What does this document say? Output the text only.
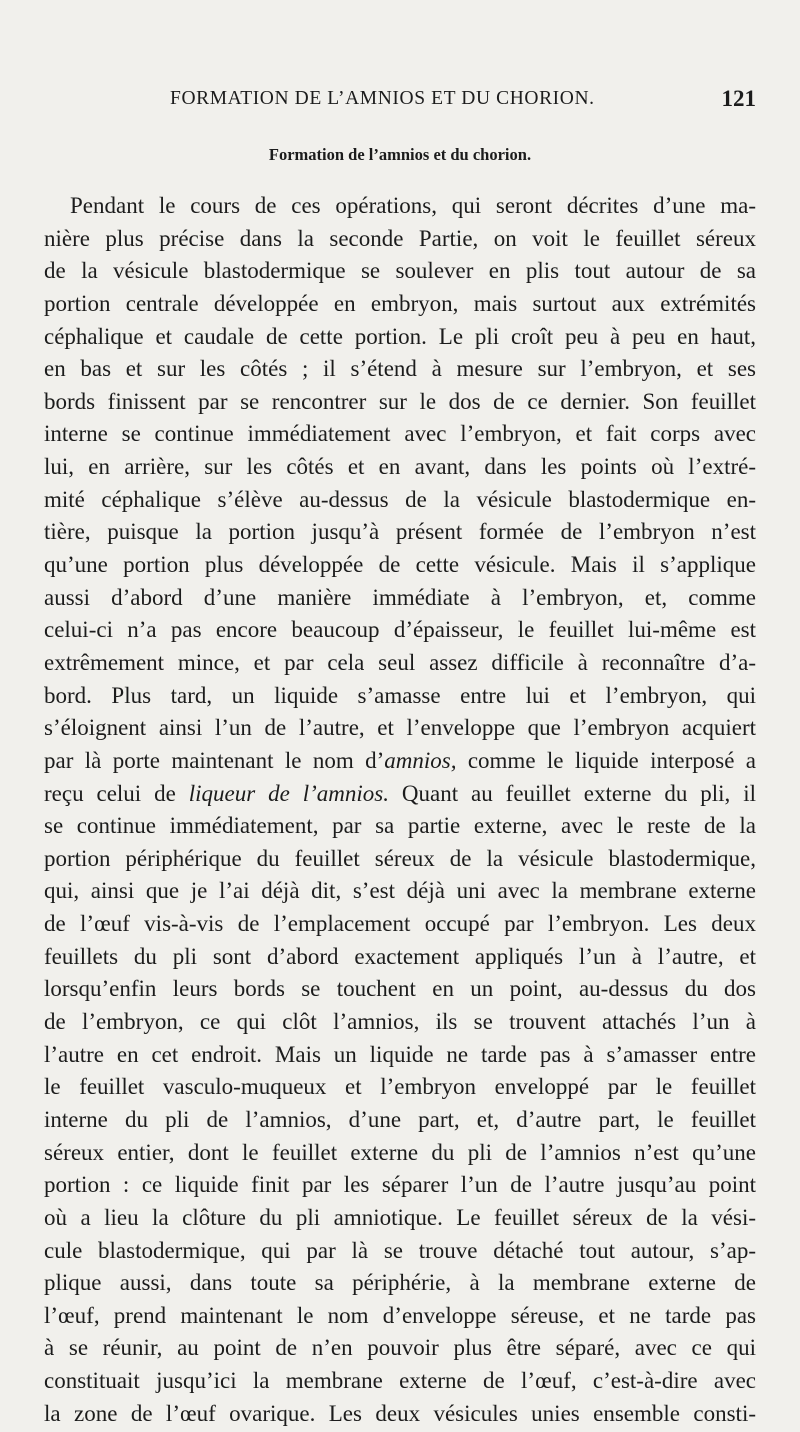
FORMATION DE L’AMNIOS ET DU CHORION.	121
Formation de l’amnios et du chorion.
Pendant le cours de ces opérations, qui seront décrites d’une ma-
nière plus précise dans la seconde Partie, on voit le feuillet séreux
de la vésicule blastodermique se soulever en plis tout autour de sa
portion centrale développée en embryon, mais surtout aux extrémités
céphalique et caudale de cette portion. Le pli croît peu à peu en haut,
en bas et sur les côtés ; il s’étend à mesure sur l’embryon, et ses
bords finissent par se rencontrer sur le dos de ce dernier. Son feuillet
interne se continue immédiatement avec l’embryon, et fait corps avec
lui, en arrière, sur les côtés et en avant, dans les points où l’extré-
mité céphalique s’élève au-dessus de la vésicule blastodermique en-
tière, puisque la portion jusqu’à présent formée de l’embryon n’est
qu’une portion plus développée de cette vésicule. Mais il s’applique
aussi d’abord d’une manière immédiate à l’embryon, et, comme
celui-ci n’a pas encore beaucoup d’épaisseur, le feuillet lui-même est
extrêmement mince, et par cela seul assez difficile à reconnaître d’a-
bord. Plus tard, un liquide s’amasse entre lui et l’embryon, qui
s’éloignent ainsi l’un de l’autre, et l’enveloppe que l’embryon acquiert
par là porte maintenant le nom d’amnios, comme le liquide interposé a
reçu celui de liqueur de l’amnios. Quant au feuillet externe du pli, il
se continue immédiatement, par sa partie externe, avec le reste de la
portion périphérique du feuillet séreux de la vésicule blastodermique,
qui, ainsi que je l’ai déjà dit, s’est déjà uni avec la membrane externe
de l’œuf vis-à-vis de l’emplacement occupé par l’embryon. Les deux
feuillets du pli sont d’abord exactement appliqués l’un à l’autre, et
lorsqu’enfin leurs bords se touchent en un point, au-dessus du dos
de l’embryon, ce qui clôt l’amnios, ils se trouvent attachés l’un à
l’autre en cet endroit. Mais un liquide ne tarde pas à s’amasser entre
le feuillet vasculo-muqueux et l’embryon enveloppé par le feuillet
interne du pli de l’amnios, d’une part, et, d’autre part, le feuillet
séreux entier, dont le feuillet externe du pli de l’amnios n’est qu’une
portion : ce liquide finit par les séparer l’un de l’autre jusqu’au point
où a lieu la clôture du pli amniotique. Le feuillet séreux de la vési-
cule blastodermique, qui par là se trouve détaché tout autour, s’ap-
plique aussi, dans toute sa périphérie, à la membrane externe de
l’œuf, prend maintenant le nom d’enveloppe séreuse, et ne tarde pas
à se réunir, au point de n’en pouvoir plus être séparé, avec ce qui
constituait jusqu’ici la membrane externe de l’œuf, c’est-à-dire avec
la zone de l’œuf ovarique. Les deux vésicules unies ensemble consti-
